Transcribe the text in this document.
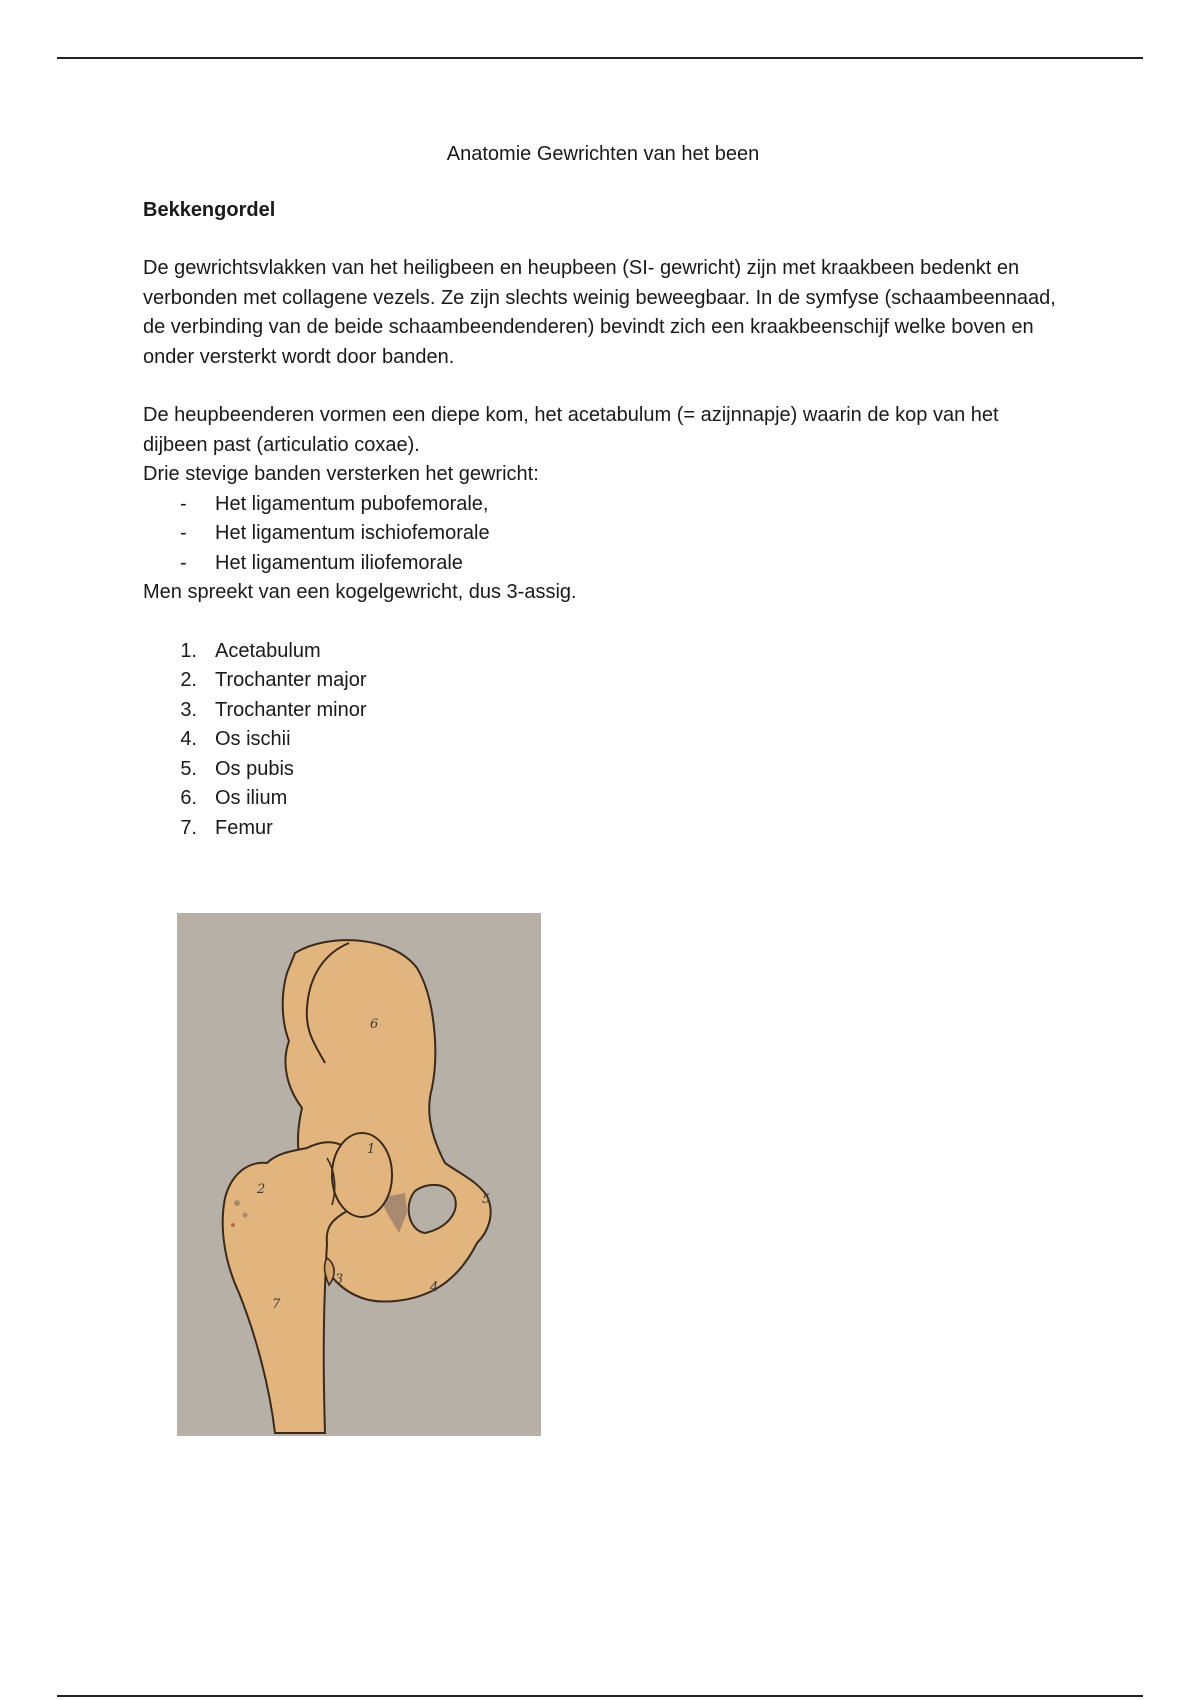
Anatomie Gewrichten van het been
Bekkengordel

De gewrichtsvlakken van het heiligbeen en heupbeen (SI- gewricht) zijn met kraakbeen bedenkt en verbonden met collagene vezels. Ze zijn slechts weinig beweegbaar. In de symfyse (schaambeennaad, de verbinding van de beide schaambeendenderen) bevindt zich een kraakbeenschijf welke boven en onder versterkt wordt door banden.

De heupbeenderen vormen een diepe kom, het acetabulum (= azijnnapje) waarin de kop van het dijbeen past (articulatio coxae).

Drie stevige banden versterken het gewricht:

- Het ligamentum pubofemorale,
- Het ligamentum ischiofemorale
- Het ligamentum iliofemorale

Men spreekt van een kogelgewricht, dus 3-assig.

1. Acetabulum
2. Trochanter major
3. Trochanter minor
4. Os ischii
5. Os pubis
6. Os ilium
7. Femur
6
1
2
5
3
4
7
